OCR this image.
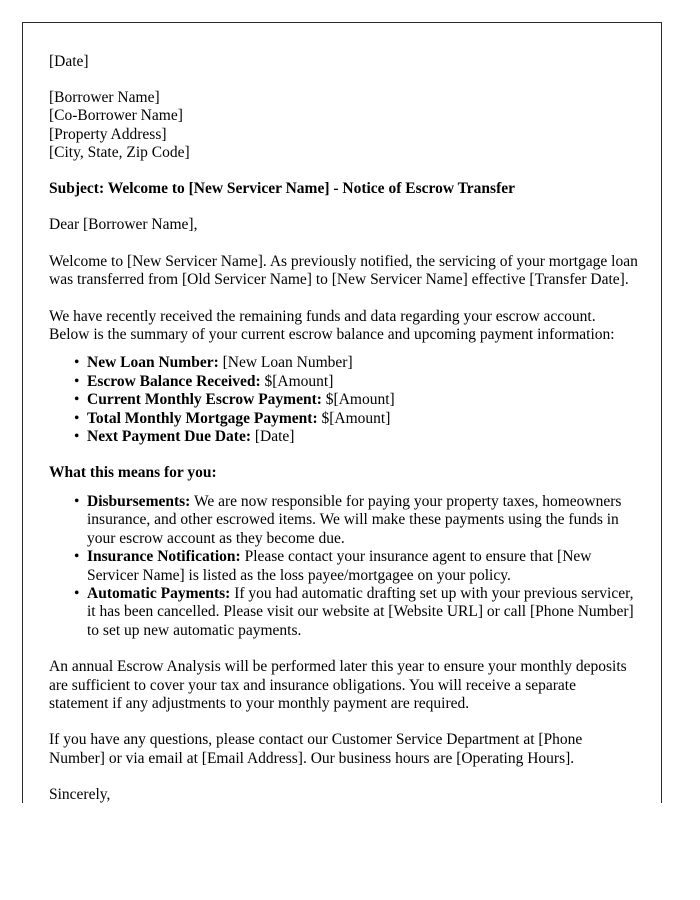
[Date]
[Borrower Name]
[Co-Borrower Name]
[Property Address]
[City, State, Zip Code]
Subject: Welcome to [New Servicer Name] - Notice of Escrow Transfer
Dear [Borrower Name],
Welcome to [New Servicer Name]. As previously notified, the servicing of your mortgage loan was transferred from [Old Servicer Name] to [New Servicer Name] effective [Transfer Date].
We have recently received the remaining funds and data regarding your escrow account. Below is the summary of your current escrow balance and upcoming payment information:
• New Loan Number: [New Loan Number]
• Escrow Balance Received: $[Amount]
• Current Monthly Escrow Payment: $[Amount]
• Total Monthly Mortgage Payment: $[Amount]
• Next Payment Due Date: [Date]
What this means for you:
• Disbursements: We are now responsible for paying your property taxes, homeowners insurance, and other escrowed items. We will make these payments using the funds in your escrow account as they become due.
• Insurance Notification: Please contact your insurance agent to ensure that [New Servicer Name] is listed as the loss payee/mortgagee on your policy.
• Automatic Payments: If you had automatic drafting set up with your previous servicer, it has been cancelled. Please visit our website at [Website URL] or call [Phone Number] to set up new automatic payments.
An annual Escrow Analysis will be performed later this year to ensure your monthly deposits are sufficient to cover your tax and insurance obligations. You will receive a separate statement if any adjustments to your monthly payment are required.
If you have any questions, please contact our Customer Service Department at [Phone Number] or via email at [Email Address]. Our business hours are [Operating Hours].
Sincerely,
